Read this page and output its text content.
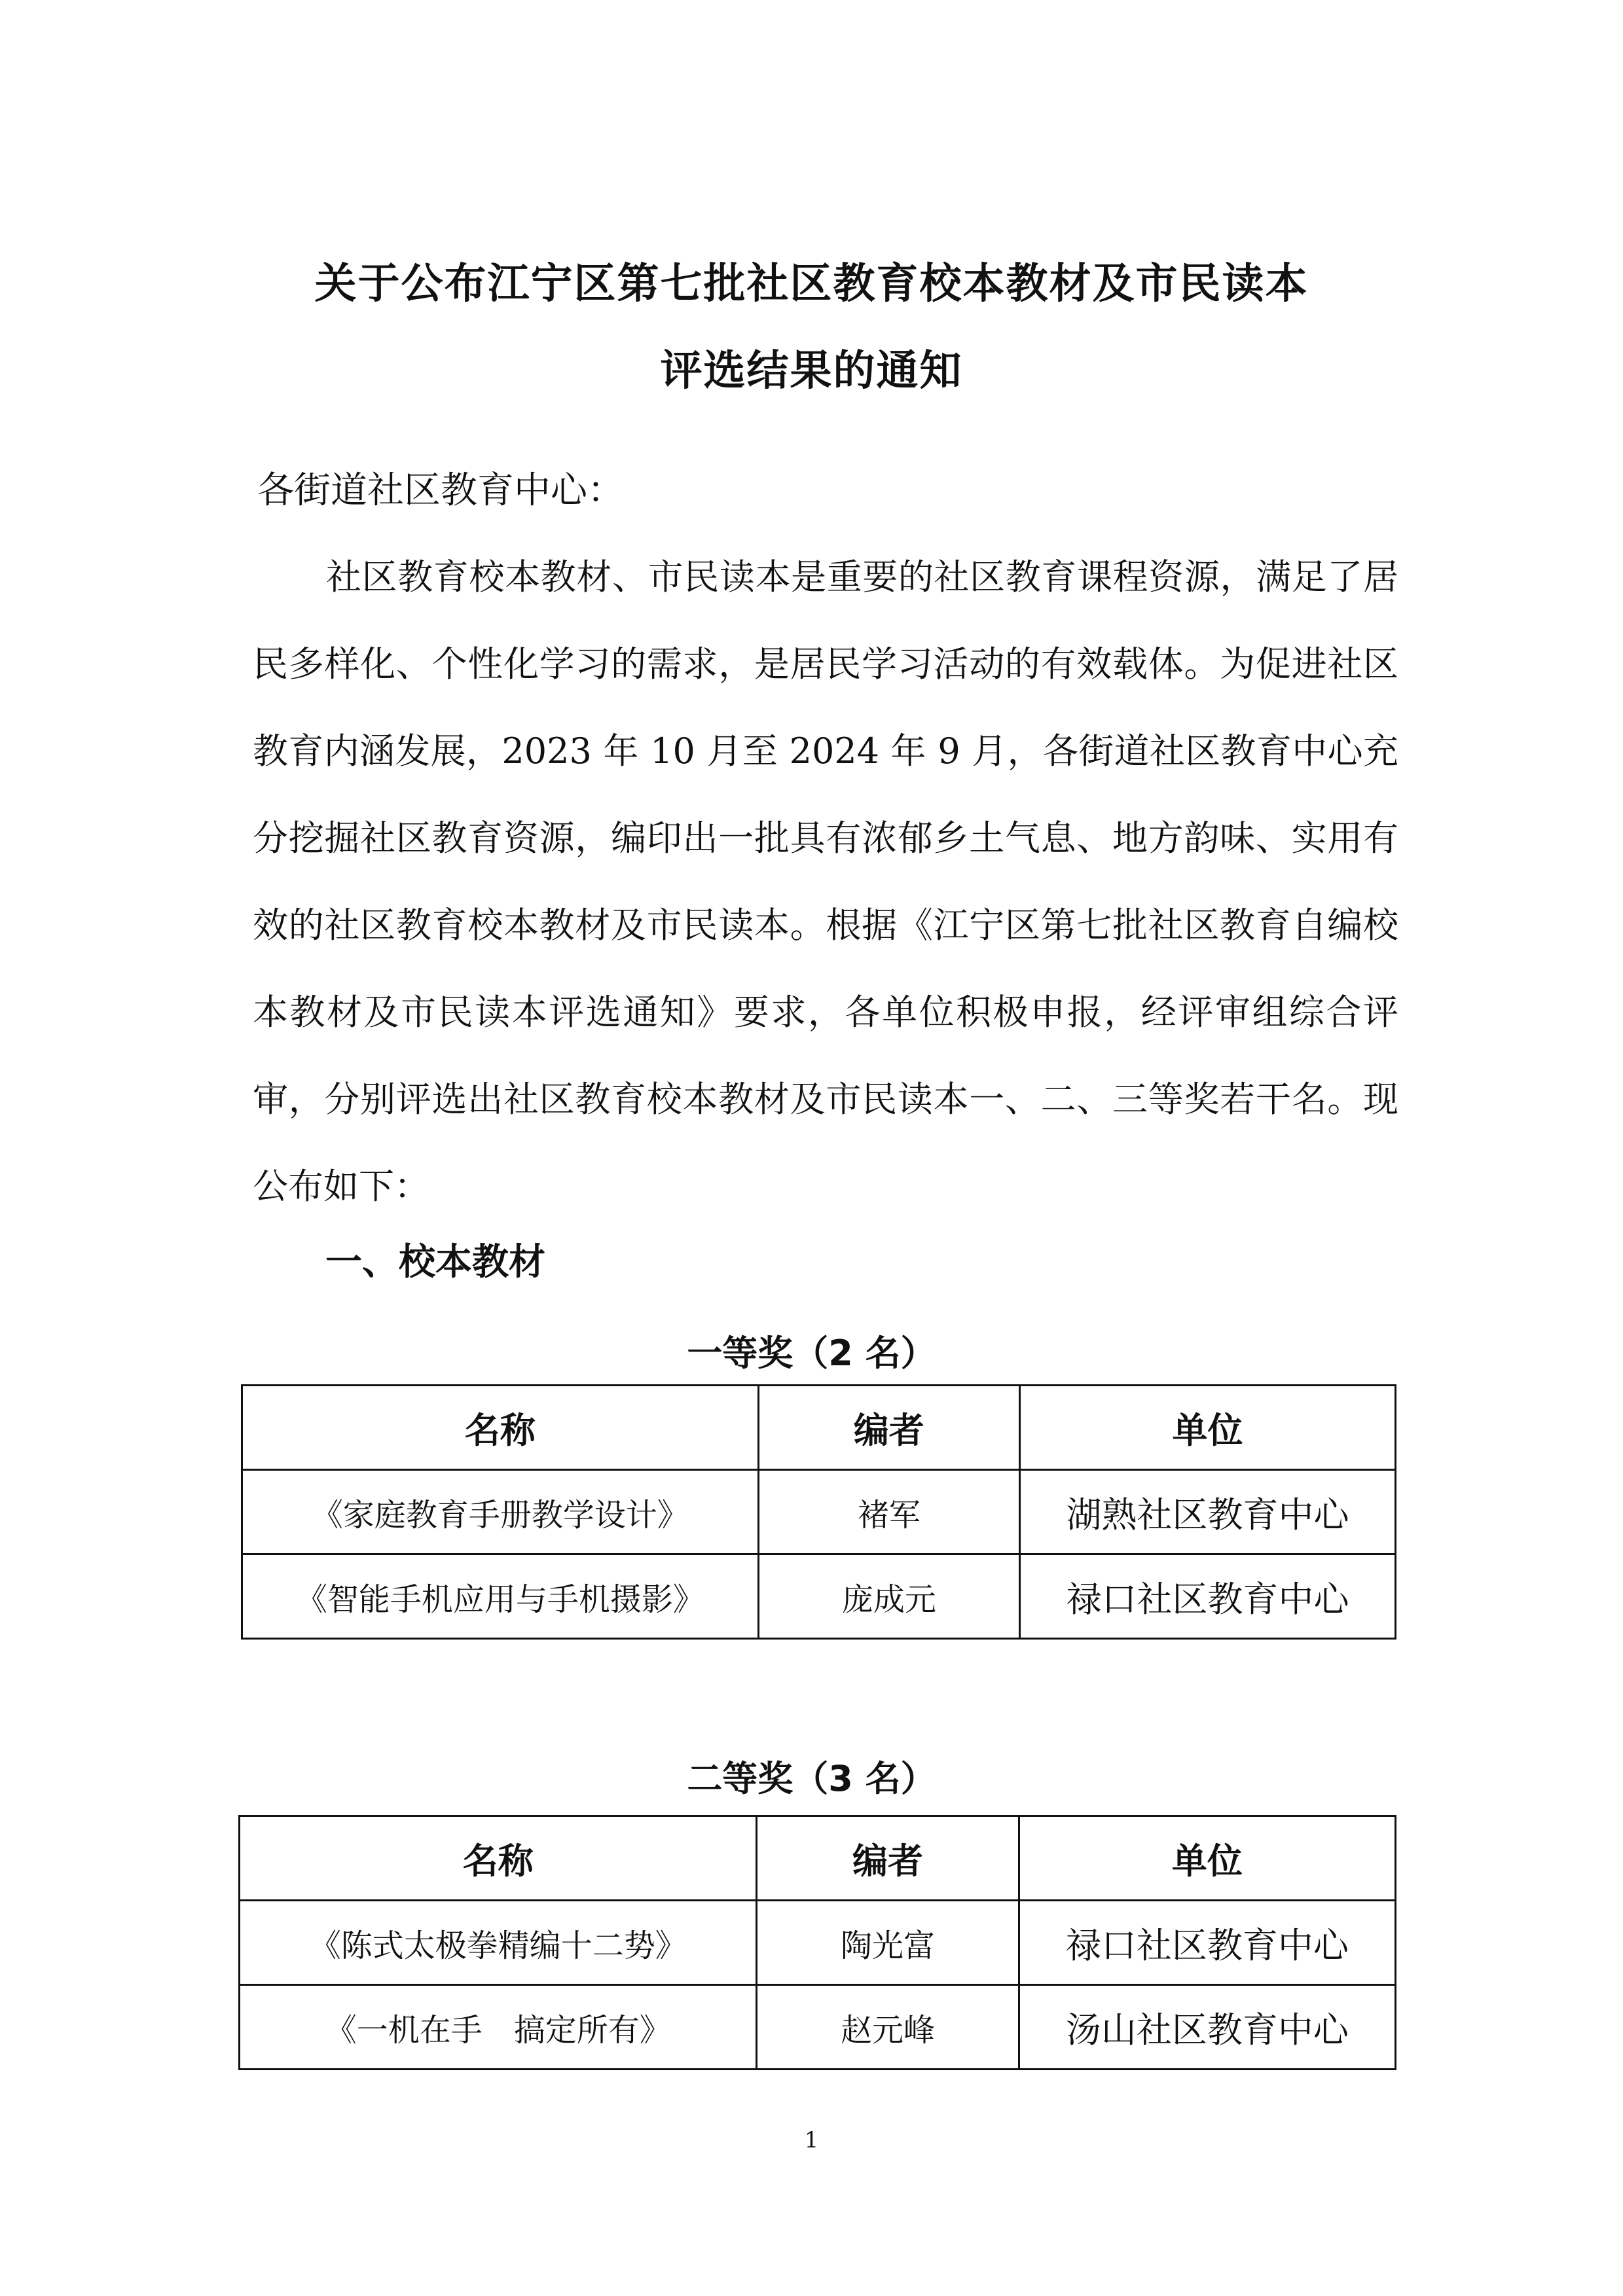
关于公布江宁区第七批社区教育校本教材及市民读本
评选结果的通知
各街道社区教育中心：

社区教育校本教材、市民读本是重要的社区教育课程资源，满足了居民多样化、个性化学习的需求，是居民学习活动的有效载体。为促进社区教育内涵发展，2023 年 10 月至 2024 年 9 月，各街道社区教育中心充分挖掘社区教育资源，编印出一批具有浓郁乡土气息、地方韵味、实用有效的社区教育校本教材及市民读本。根据《江宁区第七批社区教育自编校本教材及市民读本评选通知》要求，各单位积极申报，经评审组综合评审，分别评选出社区教育校本教材及市民读本一、二、三等奖若干名。现公布如下：

一、校本教材
一等奖（2 名）
名称	编者	单位
《家庭教育手册教学设计》	褚军	湖熟社区教育中心
《智能手机应用与手机摄影》	庞成元	禄口社区教育中心
二等奖（3 名）
名称	编者	单位
《陈式太极拳精编十二势》	陶光富	禄口社区教育中心
《一机在手　搞定所有》	赵元峰	汤山社区教育中心
1
